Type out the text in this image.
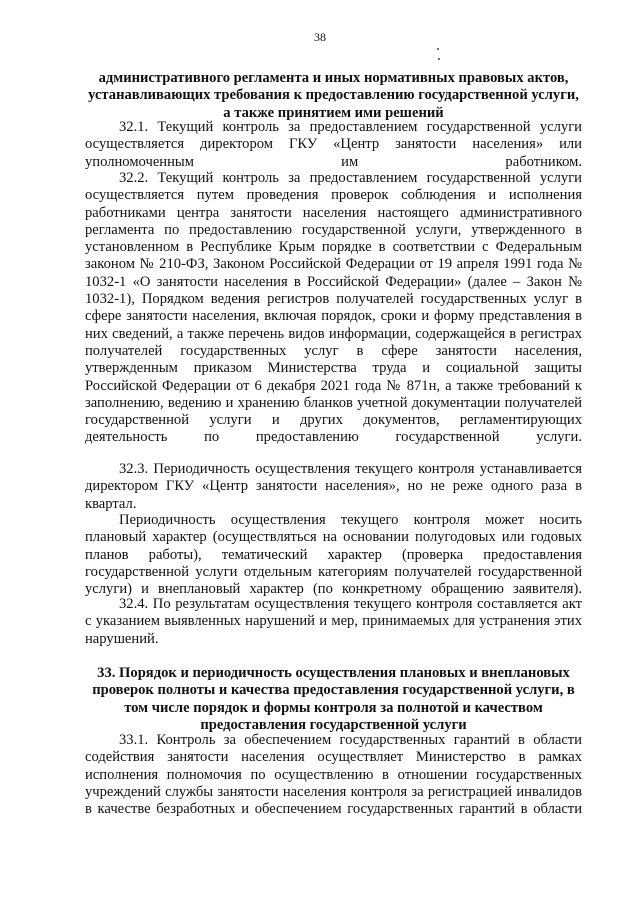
38
административного регламента и иных нормативных правовых актов, устанавливающих требования к предоставлению государственной услуги, а также принятием ими решений
32.1. Текущий контроль за предоставлением государственной услуги осуществляется директором ГКУ «Центр занятости населения» или уполномоченным им работником.
32.2. Текущий контроль за предоставлением государственной услуги осуществляется путем проведения проверок соблюдения и исполнения работниками центра занятости населения настоящего административного регламента по предоставлению государственной услуги, утвержденного в установленном в Республике Крым порядке в соответствии с Федеральным законом № 210-ФЗ, Законом Российской Федерации от 19 апреля 1991 года № 1032-1 «О занятости населения в Российской Федерации» (далее – Закон № 1032-1), Порядком ведения регистров получателей государственных услуг в сфере занятости населения, включая порядок, сроки и форму представления в них сведений, а также перечень видов информации, содержащейся в регистрах получателей государственных услуг в сфере занятости населения, утвержденным приказом Министерства труда и социальной защиты Российской Федерации от 6 декабря 2021 года № 871н, а также требований к заполнению, ведению и хранению бланков учетной документации получателей государственной услуги и других документов, регламентирующих деятельность по предоставлению государственной услуги.
32.3. Периодичность осуществления текущего контроля устанавливается директором ГКУ «Центр занятости населения», но не реже одного раза в квартал.
Периодичность осуществления текущего контроля может носить плановый характер (осуществляться на основании полугодовых или годовых планов работы), тематический характер (проверка предоставления государственной услуги отдельным категориям получателей государственной услуги) и внеплановый характер (по конкретному обращению заявителя).
32.4. По результатам осуществления текущего контроля составляется акт с указанием выявленных нарушений и мер, принимаемых для устранения этих нарушений.
33. Порядок и периодичность осуществления плановых и внеплановых проверок полноты и качества предоставления государственной услуги, в том числе порядок и формы контроля за полнотой и качеством предоставления государственной услуги
33.1. Контроль за обеспечением государственных гарантий в области содействия занятости населения осуществляет Министерство в рамках исполнения полномочия по осуществлению в отношении государственных учреждений службы занятости населения контроля за регистрацией инвалидов в качестве безработных и обеспечением государственных гарантий в области
